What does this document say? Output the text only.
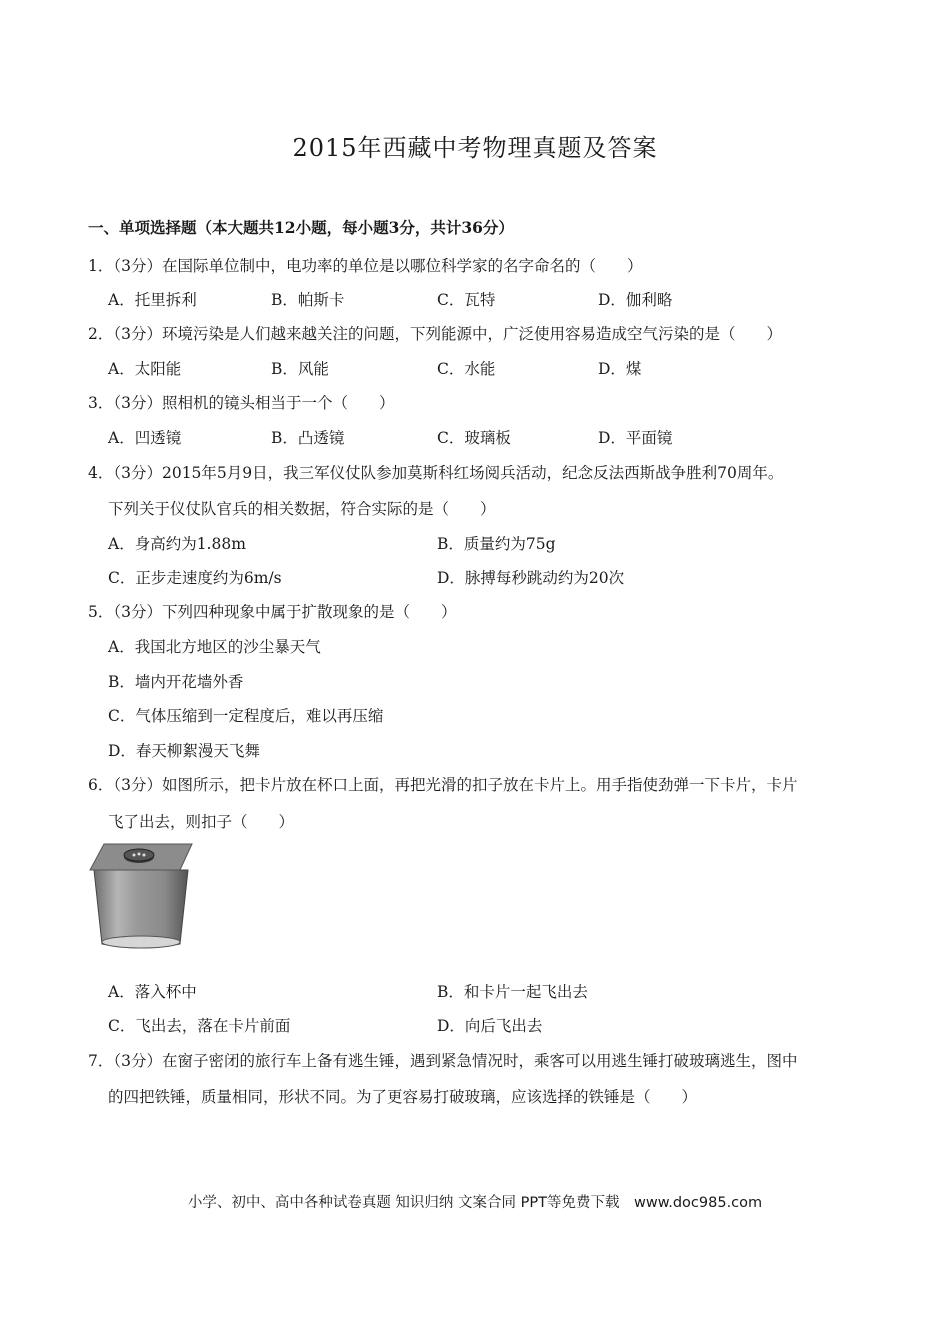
2015年西藏中考物理真题及答案
一、单项选择题（本大题共12小题，每小题3分，共计36分）
1．（3分）在国际单位制中，电功率的单位是以哪位科学家的名字命名的（　　）
A．托里拆利	B．帕斯卡	C．瓦特	D．伽利略
2．（3分）环境污染是人们越来越关注的问题，下列能源中，广泛使用容易造成空气污染的是（　　）
A．太阳能	B．风能	C．水能	D．煤
3．（3分）照相机的镜头相当于一个（　　）
A．凹透镜	B．凸透镜	C．玻璃板	D．平面镜
4．（3分）2015年5月9日，我三军仪仗队参加莫斯科红场阅兵活动，纪念反法西斯战争胜利70周年。
下列关于仪仗队官兵的相关数据，符合实际的是（　　）
A．身高约为1.88m	B．质量约为75g
C．正步走速度约为6m/s	D．脉搏每秒跳动约为20次
5．（3分）下列四种现象中属于扩散现象的是（　　）
A．我国北方地区的沙尘暴天气
B．墙内开花墙外香
C．气体压缩到一定程度后，难以再压缩
D．春天柳絮漫天飞舞
6．（3分）如图所示，把卡片放在杯口上面，再把光滑的扣子放在卡片上。用手指使劲弹一下卡片，卡片
飞了出去，则扣子（　　）
A．落入杯中	B．和卡片一起飞出去
C．飞出去，落在卡片前面	D．向后飞出去
7．（3分）在窗子密闭的旅行车上备有逃生锤，遇到紧急情况时，乘客可以用逃生锤打破玻璃逃生，图中
的四把铁锤，质量相同，形状不同。为了更容易打破玻璃，应该选择的铁锤是（　　）
小学、初中、高中各种试卷真题 知识归纳 文案合同 PPT等免费下载　www.doc985.com
